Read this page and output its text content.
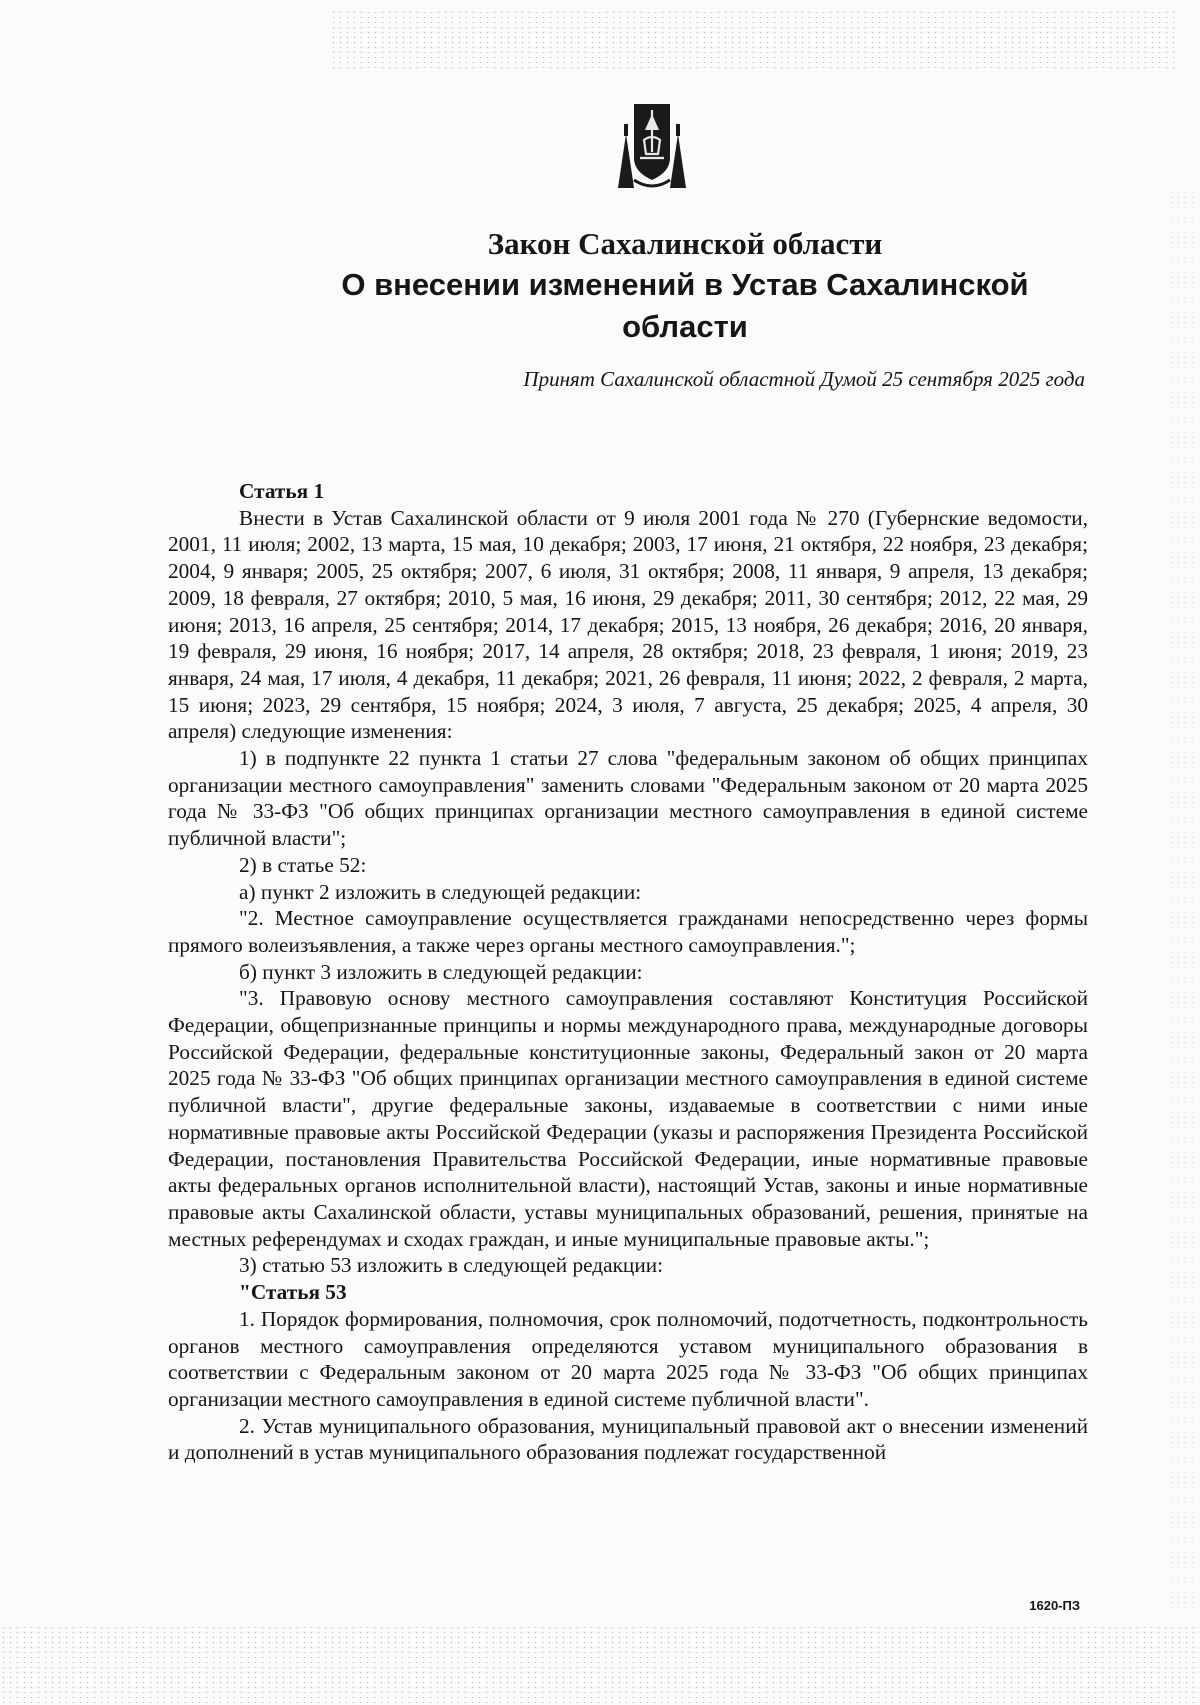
Закон Сахалинской области
О внесении изменений в Устав Сахалинской
области

Принят Сахалинской областной Думой 25 сентября 2025 года

Статья 1

Внести в Устав Сахалинской области от 9 июля 2001 года № 270 (Губернские ведомости, 2001, 11 июля; 2002, 13 марта, 15 мая, 10 декабря; 2003, 17 июня, 21 октября, 22 ноября, 23 декабря; 2004, 9 января; 2005, 25 октября; 2007, 6 июля, 31 октября; 2008, 11 января, 9 апреля, 13 декабря; 2009, 18 февраля, 27 октября; 2010, 5 мая, 16 июня, 29 декабря; 2011, 30 сентября; 2012, 22 мая, 29 июня; 2013, 16 апреля, 25 сентября; 2014, 17 декабря; 2015, 13 ноября, 26 декабря; 2016, 20 января, 19 февраля, 29 июня, 16 ноября; 2017, 14 апреля, 28 октября; 2018, 23 февраля, 1 июня; 2019, 23 января, 24 мая, 17 июля, 4 декабря, 11 декабря; 2021, 26 февраля, 11 июня; 2022, 2 февраля, 2 марта, 15 июня; 2023, 29 сентября, 15 ноября; 2024, 3 июля, 7 августа, 25 декабря; 2025, 4 апреля, 30 апреля) следующие изменения:

1) в подпункте 22 пункта 1 статьи 27 слова "федеральным законом об общих принципах организации местного самоуправления" заменить словами "Федеральным законом от 20 марта 2025 года № 33-ФЗ "Об общих принципах организации местного самоуправления в единой системе публичной власти";

2) в статье 52:

а) пункт 2 изложить в следующей редакции:

"2. Местное самоуправление осуществляется гражданами непосредственно через формы прямого волеизъявления, а также через органы местного самоуправления.";

б) пункт 3 изложить в следующей редакции:

"3. Правовую основу местного самоуправления составляют Конституция Российской Федерации, общепризнанные принципы и нормы международного права, международные договоры Российской Федерации, федеральные конституционные законы, Федеральный закон от 20 марта 2025 года № 33-ФЗ "Об общих принципах организации местного самоуправления в единой системе публичной власти", другие федеральные законы, издаваемые в соответствии с ними иные нормативные правовые акты Российской Федерации (указы и распоряжения Президента Российской Федерации, постановления Правительства Российской Федерации, иные нормативные правовые акты федеральных органов исполнительной власти), настоящий Устав, законы и иные нормативные правовые акты Сахалинской области, уставы муниципальных образований, решения, принятые на местных референдумах и сходах граждан, и иные муниципальные правовые акты.";

3) статью 53 изложить в следующей редакции:

"Статья 53

1. Порядок формирования, полномочия, срок полномочий, подотчетность, подконтрольность органов местного самоуправления определяются уставом муниципального образования в соответствии с Федеральным законом от 20 марта 2025 года № 33-ФЗ "Об общих принципах организации местного самоуправления в единой системе публичной власти".

2. Устав муниципального образования, муниципальный правовой акт о внесении изменений и дополнений в устав муниципального образования подлежат государственной

1620-ПЗ
